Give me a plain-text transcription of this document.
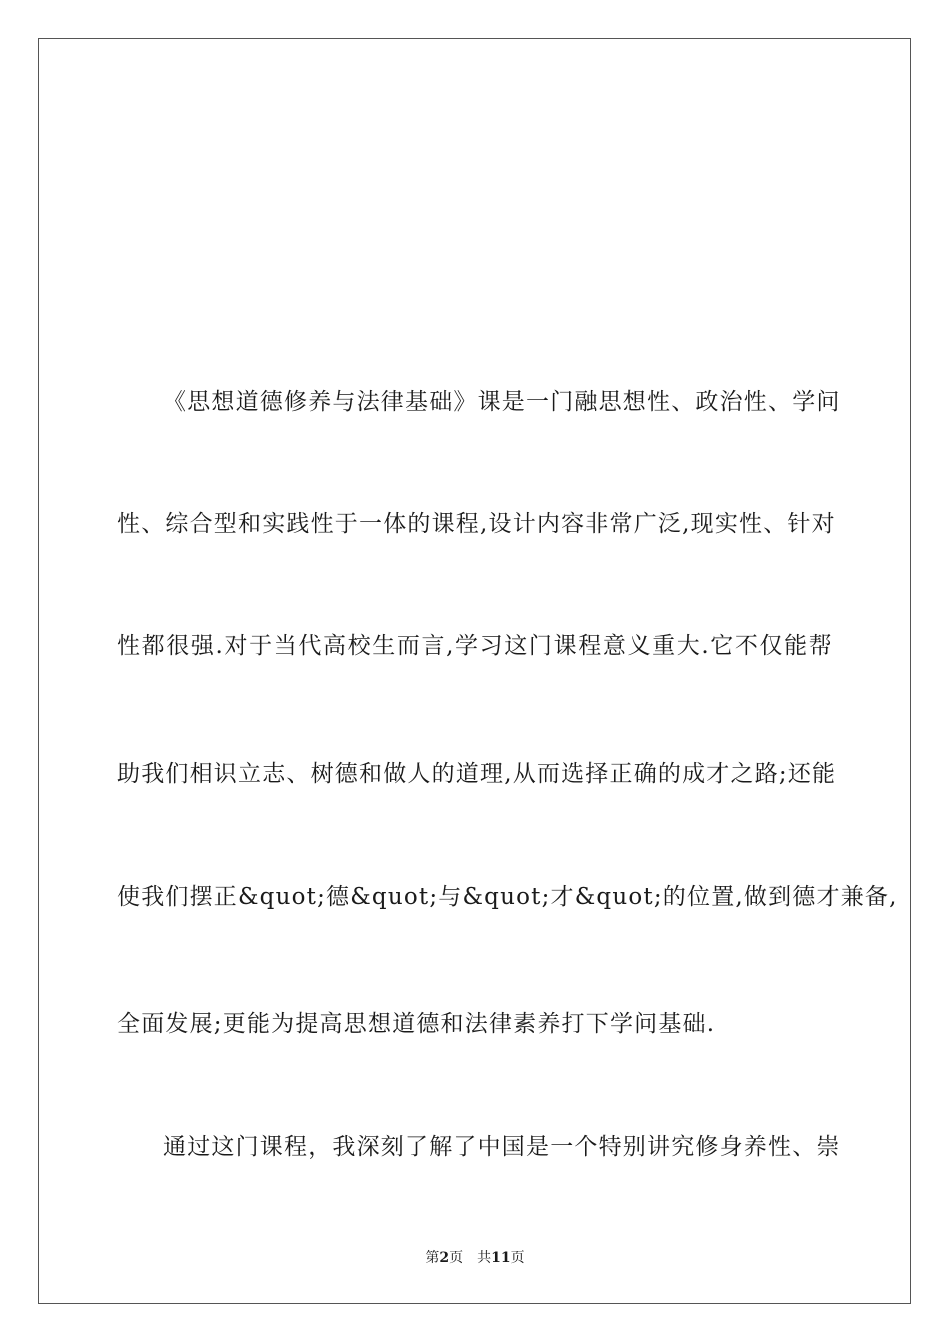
《思想道德修养与法律基础》课是一门融思想性、政治性、学问
性、综合型和实践性于一体的课程,设计内容非常广泛,现实性、针对
性都很强.对于当代高校生而言,学习这门课程意义重大.它不仅能帮
助我们相识立志、树德和做人的道理,从而选择正确的成才之路;还能
使我们摆正&quot;德&quot;与&quot;才&quot;的位置,做到德才兼备,
全面发展;更能为提高思想道德和法律素养打下学问基础.
通过这门课程，我深刻了解了中国是一个特别讲究修身养性、崇
第2页 共11页
